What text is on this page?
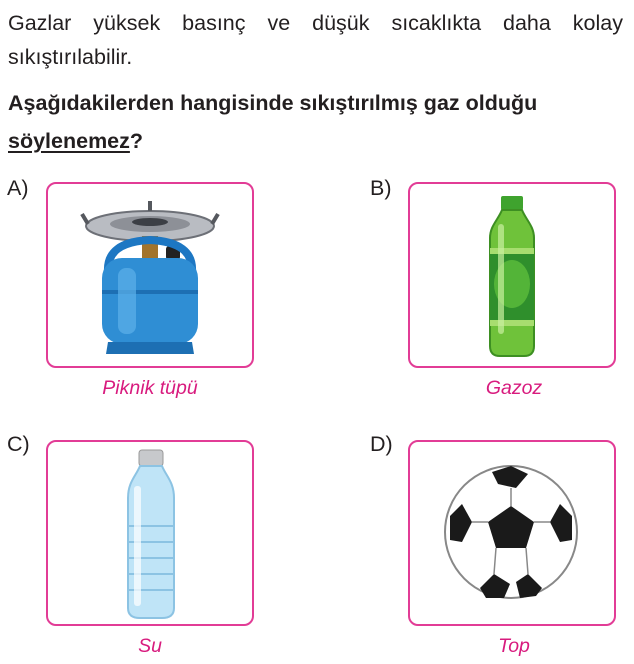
Gazlar yüksek basınç ve düşük sıcaklıkta daha kolay sıkıştırılabilir.

Aşağıdakilerden hangisinde sıkıştırılmış gaz olduğu
söylenemez?

A)
Piknik tüpü
B)
Gazoz
C)
Su
D)
Top
